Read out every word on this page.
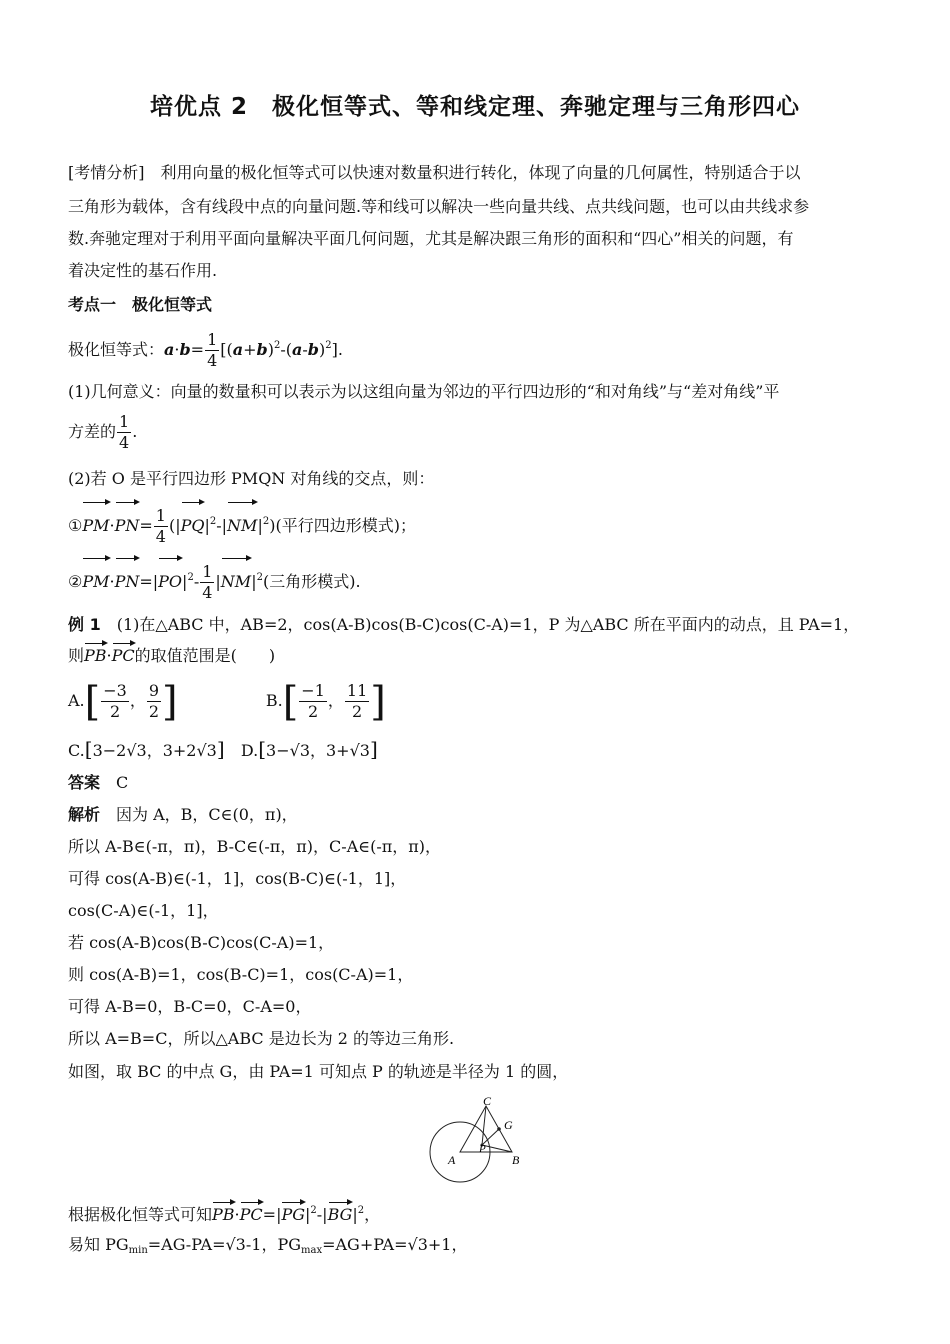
培优点 2　极化恒等式、等和线定理、奔驰定理与三角形四心
[考情分析]　利用向量的极化恒等式可以快速对数量积进行转化，体现了向量的几何属性，特别适合于以
三角形为载体，含有线段中点的向量问题.等和线可以解决一些向量共线、点共线问题，也可以由共线求参
数.奔驰定理对于利用平面向量解决平面几何问题，尤其是解决跟三角形的面积和“四心”相关的问题，有
着决定性的基石作用.
考点一　极化恒等式
极化恒等式：$a\cdot b= \frac{1}{4} [(a+b)^2-(a-b)^2]$.
(1)几何意义：向量的数量积可以表示为以这组向量为邻边的平行四边形的“和对角线”与“差对角线”平
方差的 $\frac{1}{4}$ .
(2)若 O 是平行四边形 PMQN 对角线的交点，则：
①PM·PN= $\frac{1}{4} (|PQ|^2-|NM|^2)$(平行四边形模式)；
$②PM\cdot PN=|PO|^2- \frac{1}{4} |NM|^2$(三角形模式).
例 1　(1)在△ABC 中，AB=2，cos(A-B)cos(B-C)cos(C-A)=1，P 为△ABC 所在平面内的动点，且 PA=1，
则PB·PC的取值范围是(　　)
$A.[ \frac{-3}{2}$ ， $\frac{9}{2}$ ]	$B.[ \frac{-1}{2}$ ， $\frac{11}{2}$ ]
C.[3−2√3，3+2√3] D.[3−√3，3+√3]
答案　 C
解析　因为 A，B，C∈(0，π)，
所以 A-B∈(-π，π)，B-C∈(-π，π)，C-A∈(-π，π)，
可得 cos(A-B)∈(-1，1]，cos(B-C)∈(-1，1]，
cos(C-A)∈(-1，1]，
若 cos(A-B)cos(B-C)cos(C-A)=1，
则 cos(A-B)=1，cos(B-C)=1，cos(C-A)=1，
可得 A-B=0，B-C=0，C-A=0，
所以 A=B=C，所以△ABC 是边长为 2 的等边三角形.
如图，取 BC 的中点 G，由 PA=1 可知点 P 的轨迹是半径为 1 的圆，
A	B
C
G
P
根据极化恒等式可知$PB\cdot PC=|PG|^2-|BG|^2$，
易知 $PG_{min}=AG-PA=√3-1$，$PG_{max}=AG+PA=√3+1$，
